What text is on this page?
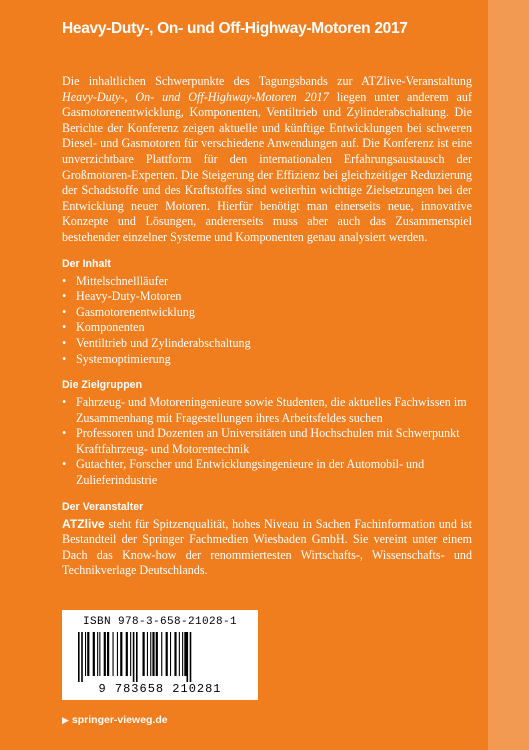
Heavy-Duty-, On- und Off-Highway-Motoren 2017

Die inhaltlichen Schwerpunkte des Tagungsbands zur ATZlive-Veranstaltung Heavy-Duty-, On- und Off-Highway-Motoren 2017 liegen unter anderem auf Gasmotorenentwicklung, Komponenten, Ventiltrieb und Zylinderabschaltung. Die Berichte der Konferenz zeigen aktuelle und künftige Entwicklungen bei schweren Diesel- und Gasmotoren für verschiedene Anwendungen auf. Die Konferenz ist eine unverzichtbare Plattform für den internationalen Erfahrungsaustausch der Großmotoren-Experten. Die Steigerung der Effizienz bei gleichzeitiger Reduzierung der Schadstoffe und des Kraftstoffes sind weiterhin wichtige Zielsetzungen bei der Entwicklung neuer Motoren. Hierfür benötigt man einerseits neue, innovative Konzepte und Lösungen, andererseits muss aber auch das Zusammenspiel bestehender einzelner Systeme und Komponenten genau analysiert werden.

Der Inhalt
• Mittelschnellläufer
• Heavy-Duty-Motoren
• Gasmotorenentwicklung
• Komponenten
• Ventiltrieb und Zylinderabschaltung
• Systemoptimierung
Die Zielgruppen
• Fahrzeug- und Motoreningenieure sowie Studenten, die aktuelles Fachwissen im Zusammenhang mit Fragestellungen ihres Arbeitsfeldes suchen
• Professoren und Dozenten an Universitäten und Hochschulen mit Schwerpunkt Kraftfahrzeug- und Motorentechnik
• Gutachter, Forscher und Entwicklungsingenieure in der Automobil- und Zulieferindustrie
Der Veranstalter

ATZlive steht für Spitzenqualität, hohes Niveau in Sachen Fachinformation und ist Bestandteil der Springer Fachmedien Wiesbaden GmbH. Sie vereint unter einem Dach das Know-how der renommiertesten Wirtschafts-, Wissenschafts- und Technikverlage Deutschlands.

ISBN 978-3-658-21028-1
9 783658 210281
▶ springer-vieweg.de
